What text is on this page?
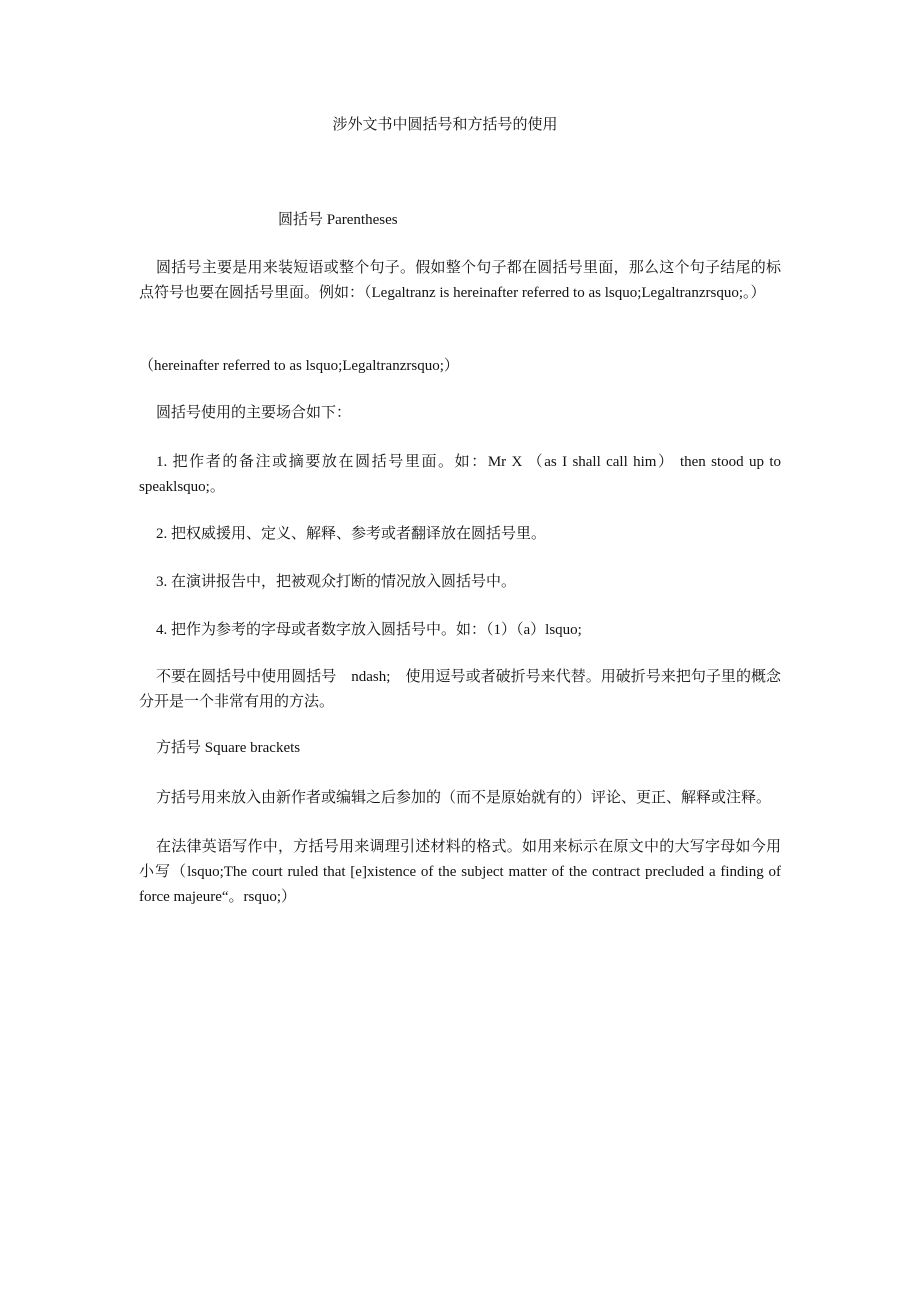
涉外文书中圆括号和方括号的使用
圆括号 Parentheses

圆括号主要是用来装短语或整个句子。假如整个句子都在圆括号里面，那么这个句子结尾的标点符号也要在圆括号里面。例如：（Legaltranz is hereinafter referred to as lsquo;Legaltranzrsquo;。）

（hereinafter referred to as lsquo;Legaltranzrsquo;）

圆括号使用的主要场合如下：

1. 把作者的备注或摘要放在圆括号里面。如：Mr X （as I shall call him） then stood up to speaklsquo;。

2. 把权威援用、定义、解释、参考或者翻译放在圆括号里。

3. 在演讲报告中，把被观众打断的情况放入圆括号中。

4. 把作为参考的字母或者数字放入圆括号中。如：（1）（a）lsquo;

不要在圆括号中使用圆括号　ndash;　使用逗号或者破折号来代替。用破折号来把句子里的概念分开是一个非常有用的方法。

方括号 Square brackets

方括号用来放入由新作者或编辑之后参加的（而不是原始就有的）评论、更正、解释或注释。

在法律英语写作中，方括号用来调理引述材料的格式。如用来标示在原文中的大写字母如今用小写（lsquo;The court ruled that [e]xistence of the subject matter of the contract precluded a finding of force majeure“。rsquo;）
